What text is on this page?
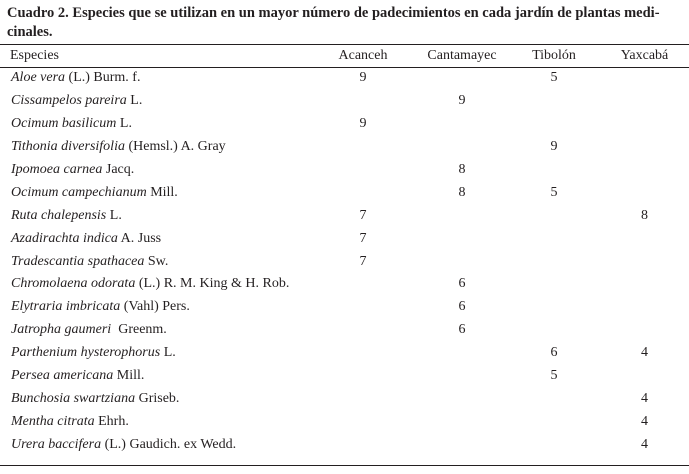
Cuadro 2. Especies que se utilizan en un mayor número de padecimientos en cada jardín de plantas medi-
cinales.
Especies	Acanceh	Cantamayec	Tibolón	Yaxcabá
Aloe vera (L.) Burm. f.	9		5	
Cissampelos pareira L.		9		
Ocimum basilicum L.	9			
Tithonia diversifolia (Hemsl.) A. Gray			9	
Ipomoea carnea Jacq.		8		
Ocimum campechianum Mill.		8	5	
Ruta chalepensis L.	7			8
Azadirachta indica A. Juss	7			
Tradescantia spathacea Sw.	7			
Chromolaena odorata (L.) R. M. King & H. Rob.		6		
Elytraria imbricata (Vahl) Pers.		6		
Jatropha gaumeri  Greenm.		6		
Parthenium hysterophorus L.			6	4
Persea americana Mill.			5	
Bunchosia swartziana Griseb.				4
Mentha citrata Ehrh.				4
Urera baccifera (L.) Gaudich. ex Wedd.				4
